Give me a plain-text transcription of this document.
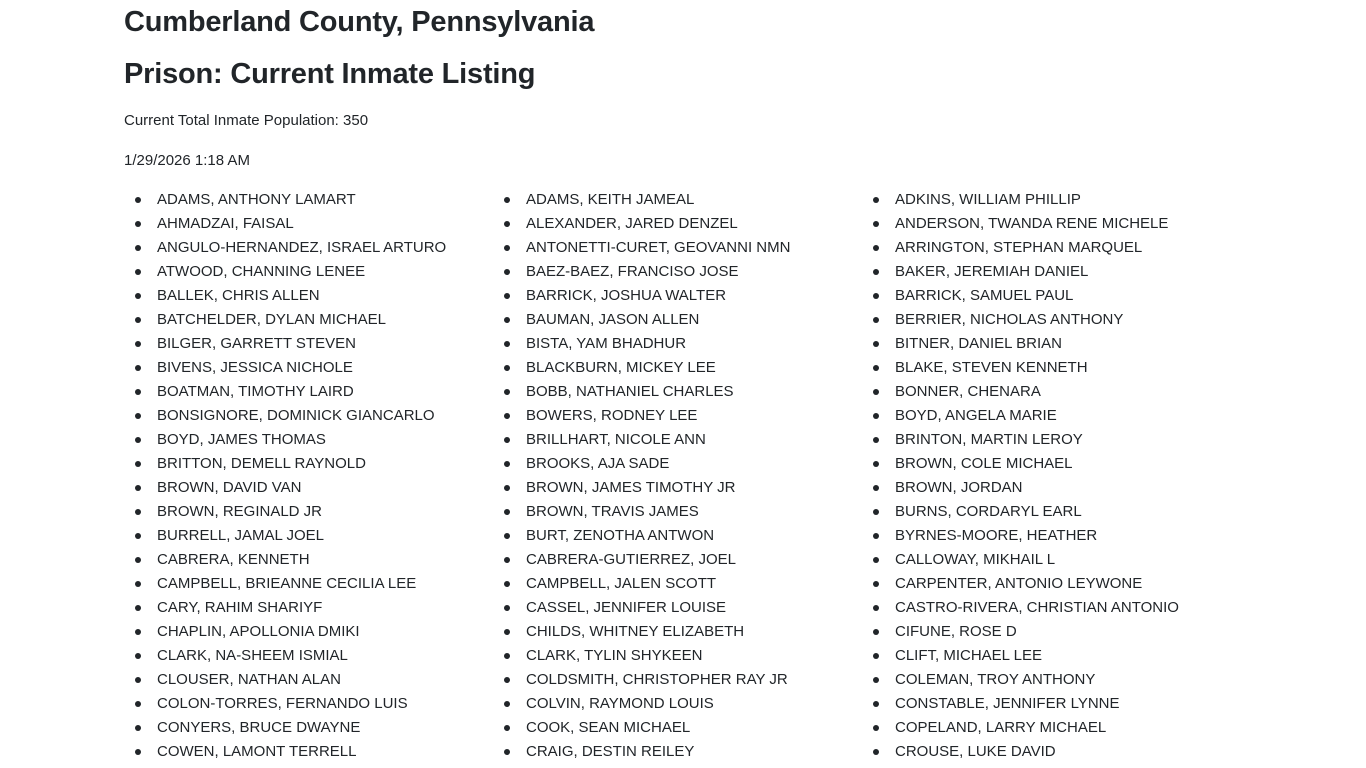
Cumberland County, Pennsylvania
Prison: Current Inmate Listing
Current Total Inmate Population: 350
1/29/2026 1:18 AM
ADAMS, ANTHONY LAMART
AHMADZAI, FAISAL
ANGULO-HERNANDEZ, ISRAEL ARTURO
ATWOOD, CHANNING LENEE
BALLEK, CHRIS ALLEN
BATCHELDER, DYLAN MICHAEL
BILGER, GARRETT STEVEN
BIVENS, JESSICA NICHOLE
BOATMAN, TIMOTHY LAIRD
BONSIGNORE, DOMINICK GIANCARLO
BOYD, JAMES THOMAS
BRITTON, DEMELL RAYNOLD
BROWN, DAVID VAN
BROWN, REGINALD JR
BURRELL, JAMAL JOEL
CABRERA, KENNETH
CAMPBELL, BRIEANNE CECILIA LEE
CARY, RAHIM SHARIYF
CHAPLIN, APOLLONIA DMIKI
CLARK, NA-SHEEM ISMIAL
CLOUSER, NATHAN ALAN
COLON-TORRES, FERNANDO LUIS
CONYERS, BRUCE DWAYNE
COWEN, LAMONT TERRELL
ADAMS, KEITH JAMEAL
ALEXANDER, JARED DENZEL
ANTONETTI-CURET, GEOVANNI NMN
BAEZ-BAEZ, FRANCISO JOSE
BARRICK, JOSHUA WALTER
BAUMAN, JASON ALLEN
BISTA, YAM BHADHUR
BLACKBURN, MICKEY LEE
BOBB, NATHANIEL CHARLES
BOWERS, RODNEY LEE
BRILLHART, NICOLE ANN
BROOKS, AJA SADE
BROWN, JAMES TIMOTHY JR
BROWN, TRAVIS JAMES
BURT, ZENOTHA ANTWON
CABRERA-GUTIERREZ, JOEL
CAMPBELL, JALEN SCOTT
CASSEL, JENNIFER LOUISE
CHILDS, WHITNEY ELIZABETH
CLARK, TYLIN SHYKEEN
COLDSMITH, CHRISTOPHER RAY JR
COLVIN, RAYMOND LOUIS
COOK, SEAN MICHAEL
CRAIG, DESTIN REILEY
ADKINS, WILLIAM PHILLIP
ANDERSON, TWANDA RENE MICHELE
ARRINGTON, STEPHAN MARQUEL
BAKER, JEREMIAH DANIEL
BARRICK, SAMUEL PAUL
BERRIER, NICHOLAS ANTHONY
BITNER, DANIEL BRIAN
BLAKE, STEVEN KENNETH
BONNER, CHENARA
BOYD, ANGELA MARIE
BRINTON, MARTIN LEROY
BROWN, COLE MICHAEL
BROWN, JORDAN
BURNS, CORDARYL EARL
BYRNES-MOORE, HEATHER
CALLOWAY, MIKHAIL L
CARPENTER, ANTONIO LEYWONE
CASTRO-RIVERA, CHRISTIAN ANTONIO
CIFUNE, ROSE D
CLIFT, MICHAEL LEE
COLEMAN, TROY ANTHONY
CONSTABLE, JENNIFER LYNNE
COPELAND, LARRY MICHAEL
CROUSE, LUKE DAVID
